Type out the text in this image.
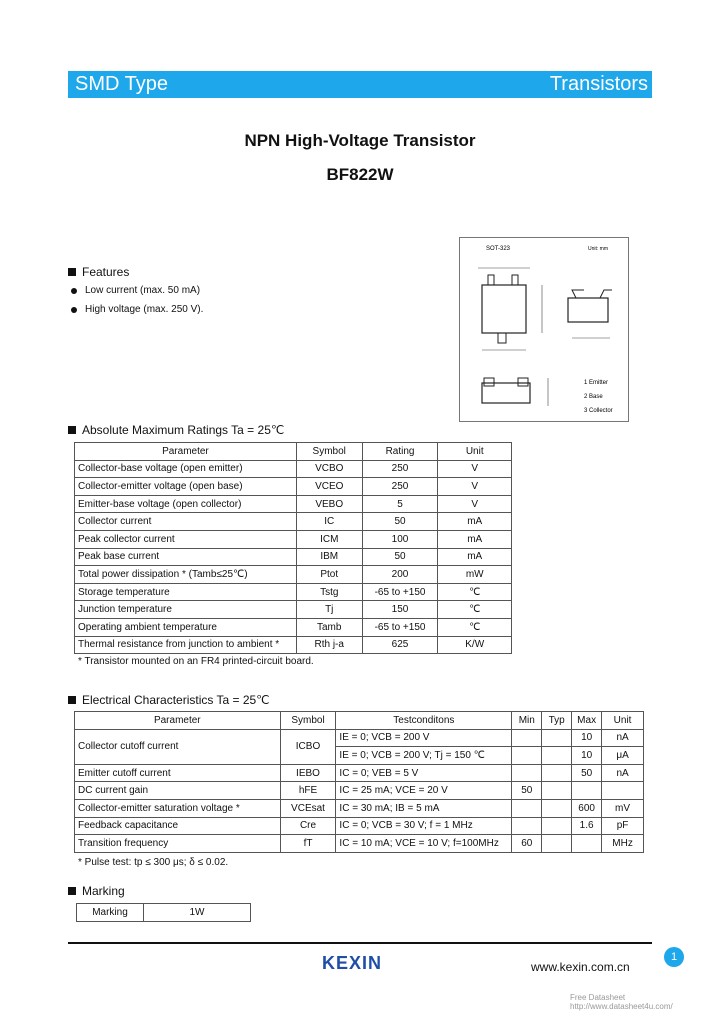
SMD Type	Transistors
NPN High-Voltage Transistor
BF822W
Features
Low current (max. 50 mA)
High voltage (max. 250 V).
SOT-323	Unit: mm
1 Emitter
2 Base
3 Collector
Absolute Maximum Ratings Ta = 25℃
Parameter	Symbol	Rating	Unit
Collector-base voltage (open emitter)	VCBO	250	V
Collector-emitter voltage (open base)	VCEO	250	V
Emitter-base voltage (open collector)	VEBO	5	V
Collector current	IC	50	mA
Peak collector current	ICM	100	mA
Peak base current	IBM	50	mA
Total power dissipation * (Tamb≤25℃)	Ptot	200	mW
Storage temperature	Tstg	-65 to +150	℃
Junction temperature	Tj	150	℃
Operating ambient temperature	Tamb	-65 to +150	℃
Thermal resistance from junction to ambient *	Rth j-a	625	K/W
* Transistor mounted on an FR4 printed-circuit board.
Electrical Characteristics Ta = 25℃
Parameter	Symbol	Testconditons	Min	Typ	Max	Unit
Collector cutoff current	ICBO	IE = 0; VCB = 200 V			10	nA
		IE = 0; VCB = 200 V; Tj = 150 ℃			10	μA
Emitter cutoff current	IEBO	IC = 0; VEB = 5 V			50	nA
DC current gain	hFE	IC = 25 mA; VCE = 20 V	50			
Collector-emitter saturation voltage *	VCEsat	IC = 30 mA; IB = 5 mA			600	mV
Feedback capacitance	Cre	IC = 0; VCB = 30 V; f = 1 MHz			1.6	pF
Transition frequency	fT	IC = 10 mA; VCE = 10 V; f=100MHz	60			MHz
* Pulse test: tp ≤ 300 μs; δ ≤ 0.02.
Marking
Marking	1W
KEXIN	www.kexin.com.cn
1
Free Datasheet http://www.datasheet4u.com/
